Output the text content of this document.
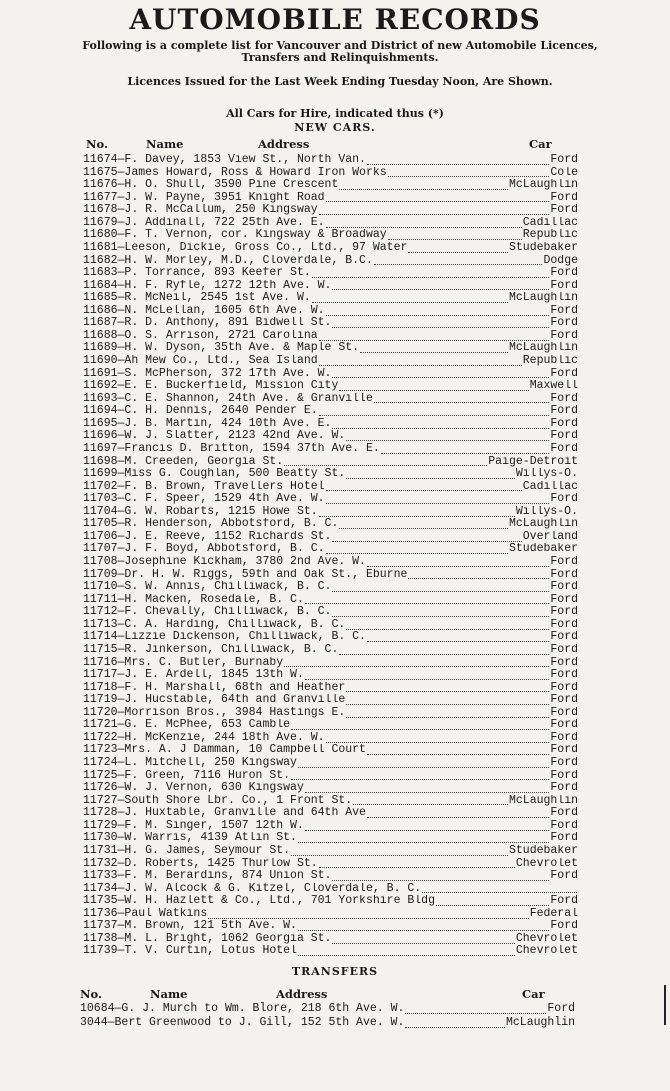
AUTOMOBILE RECORDS
Following is a complete list for Vancouver and District of new Automobile Licences, Transfers and Relinquishments.
Licences Issued for the Last Week Ending Tuesday Noon, Are Shown.
All Cars for Hire, indicated thus (*)
NEW CARS.
No.	Name	Address	Car
11674 — F. Davey, 1853 View St., North Van.	Ford
11675 — James Howard, Ross & Howard Iron Works	Cole
11676 — H. O. Shull, 3590 Pine Crescent	McLaughlin
11677 — J. W. Payne, 3951 Knight Road	Ford
11678 — J. R. McCallum, 250 Kingsway	Ford
11679 — J. Addinall, 722 25th Ave. E.	Cadillac
11680 — F. T. Vernon, cor. Kingsway & Broadway	Republic
11681 — Leeson, Dickie, Gross Co., Ltd., 97 Water	Studebaker
11682 — H. W. Morley, M.D., Cloverdale, B.C.	Dodge
11683 — P. Torrance, 893 Keefer St.	Ford
11684 — H. F. Ryfle, 1272 12th Ave. W.	Ford
11685 — R. McNeil, 2545 1st Ave. W.	McLaughlin
11686 — N. McLellan, 1605 6th Ave. W.	Ford
11687 — R. D. Anthony, 891 Bidwell St.	Ford
11688 — O. S. Arrison, 2721 Carolina	Ford
11689 — H. W. Dyson, 35th Ave. & Maple St.	McLaughlin
11690 — Ah Mew Co., Ltd., Sea Island	Republic
11691 — S. McPherson, 372 17th Ave. W.	Ford
11692 — E. E. Buckerfield, Mission City	Maxwell
11693 — C. E. Shannon, 24th Ave. & Granville	Ford
11694 — C. H. Dennis, 2640 Pender E.	Ford
11695 — J. B. Martin, 424 10th Ave. E.	Ford
11696 — W. J. Slatter, 2123 42nd Ave. W.	Ford
11697 — Francis D. Britton, 1594 37th Ave. E.	Ford
11698 — M. Creeden, Georgia St.	Paige-Detroit
11699 — Miss G. Coughlan, 500 Beatty St.	Willys-O.
11702 — F. B. Brown, Travellers Hotel	Cadillac
11703 — C. F. Speer, 1529 4th Ave. W.	Ford
11704 — G. W. Robarts, 1215 Howe St.	Willys-O.
11705 — R. Henderson, Abbotsford, B. C.	McLaughlin
11706 — J. E. Reeve, 1152 Richards St.	Overland
11707 — J. F. Boyd, Abbotsford, B. C.	Studebaker
11708 — Josephine Kickham, 3780 2nd Ave. W.	Ford
11709 — Dr. H. W. Riggs, 59th and Oak St., Eburne	Ford
11710 — S. W. Annis, Chilliwack, B. C.	Ford
11711 — H. Macken, Rosedale, B. C.	Ford
11712 — F. Chevally, Chilliwack, B. C.	Ford
11713 — C. A. Harding, Chilliwack, B. C.	Ford
11714 — Lizzie Dickenson, Chilliwack, B. C.	Ford
11715 — R. Jinkerson, Chilliwack, B. C.	Ford
11716 — Mrs. C. Butler, Burnaby	Ford
11717 — J. E. Ardell, 1845 13th W.	Ford
11718 — F. H. Marshall, 68th and Heather	Ford
11719 — J. Hucstable, 64th and Granville	Ford
11720 — Morrison Bros., 3984 Hastings E.	Ford
11721 — G. E. McPhee, 653 Camble	Ford
11722 — H. McKenzie, 244 18th Ave. W.	Ford
11723 — Mrs. A. J Damman, 10 Campbell Court	Ford
11724 — L. Mitchell, 250 Kingsway	Ford
11725 — F. Green, 7116 Huron St.	Ford
11726 — W. J. Vernon, 630 Kingsway	Ford
11727 — South Shore Lbr. Co., 1 Front St.	McLaughlin
11728 — J. Huxtable, Granville and 64th Ave	Ford
11729 — F. M. Singer, 1507 12th W.	Ford
11730 — W. Warris, 4139 Atlin St.	Ford
11731 — H. G. James, Seymour St.	Studebaker
11732 — D. Roberts, 1425 Thurlow St.	Chevrolet
11733 — F. M. Berardins, 874 Union St.	Ford
11734 — J. W. Alcock & G. Kitzel, Cloverdale, B. C.
11735 — W. H. Hazlett & Co., Ltd., 701 Yorkshire Bldg	Ford
11736 — Paul Watkins	Federal
11737 — M. Brown, 121 5th Ave. W.	Ford
11738 — M. L. Bright, 1062 Georgia St.	Chevrolet
11739 — T. V. Curtin, Lotus Hotel	Chevrolet
TRANSFERS
No.	Name	Address	Car
10684 — G. J. Murch to Wm. Blore, 218 6th Ave. W.	Ford
3044 — Bert Greenwood to J. Gill, 152 5th Ave. W.	McLaughlin
